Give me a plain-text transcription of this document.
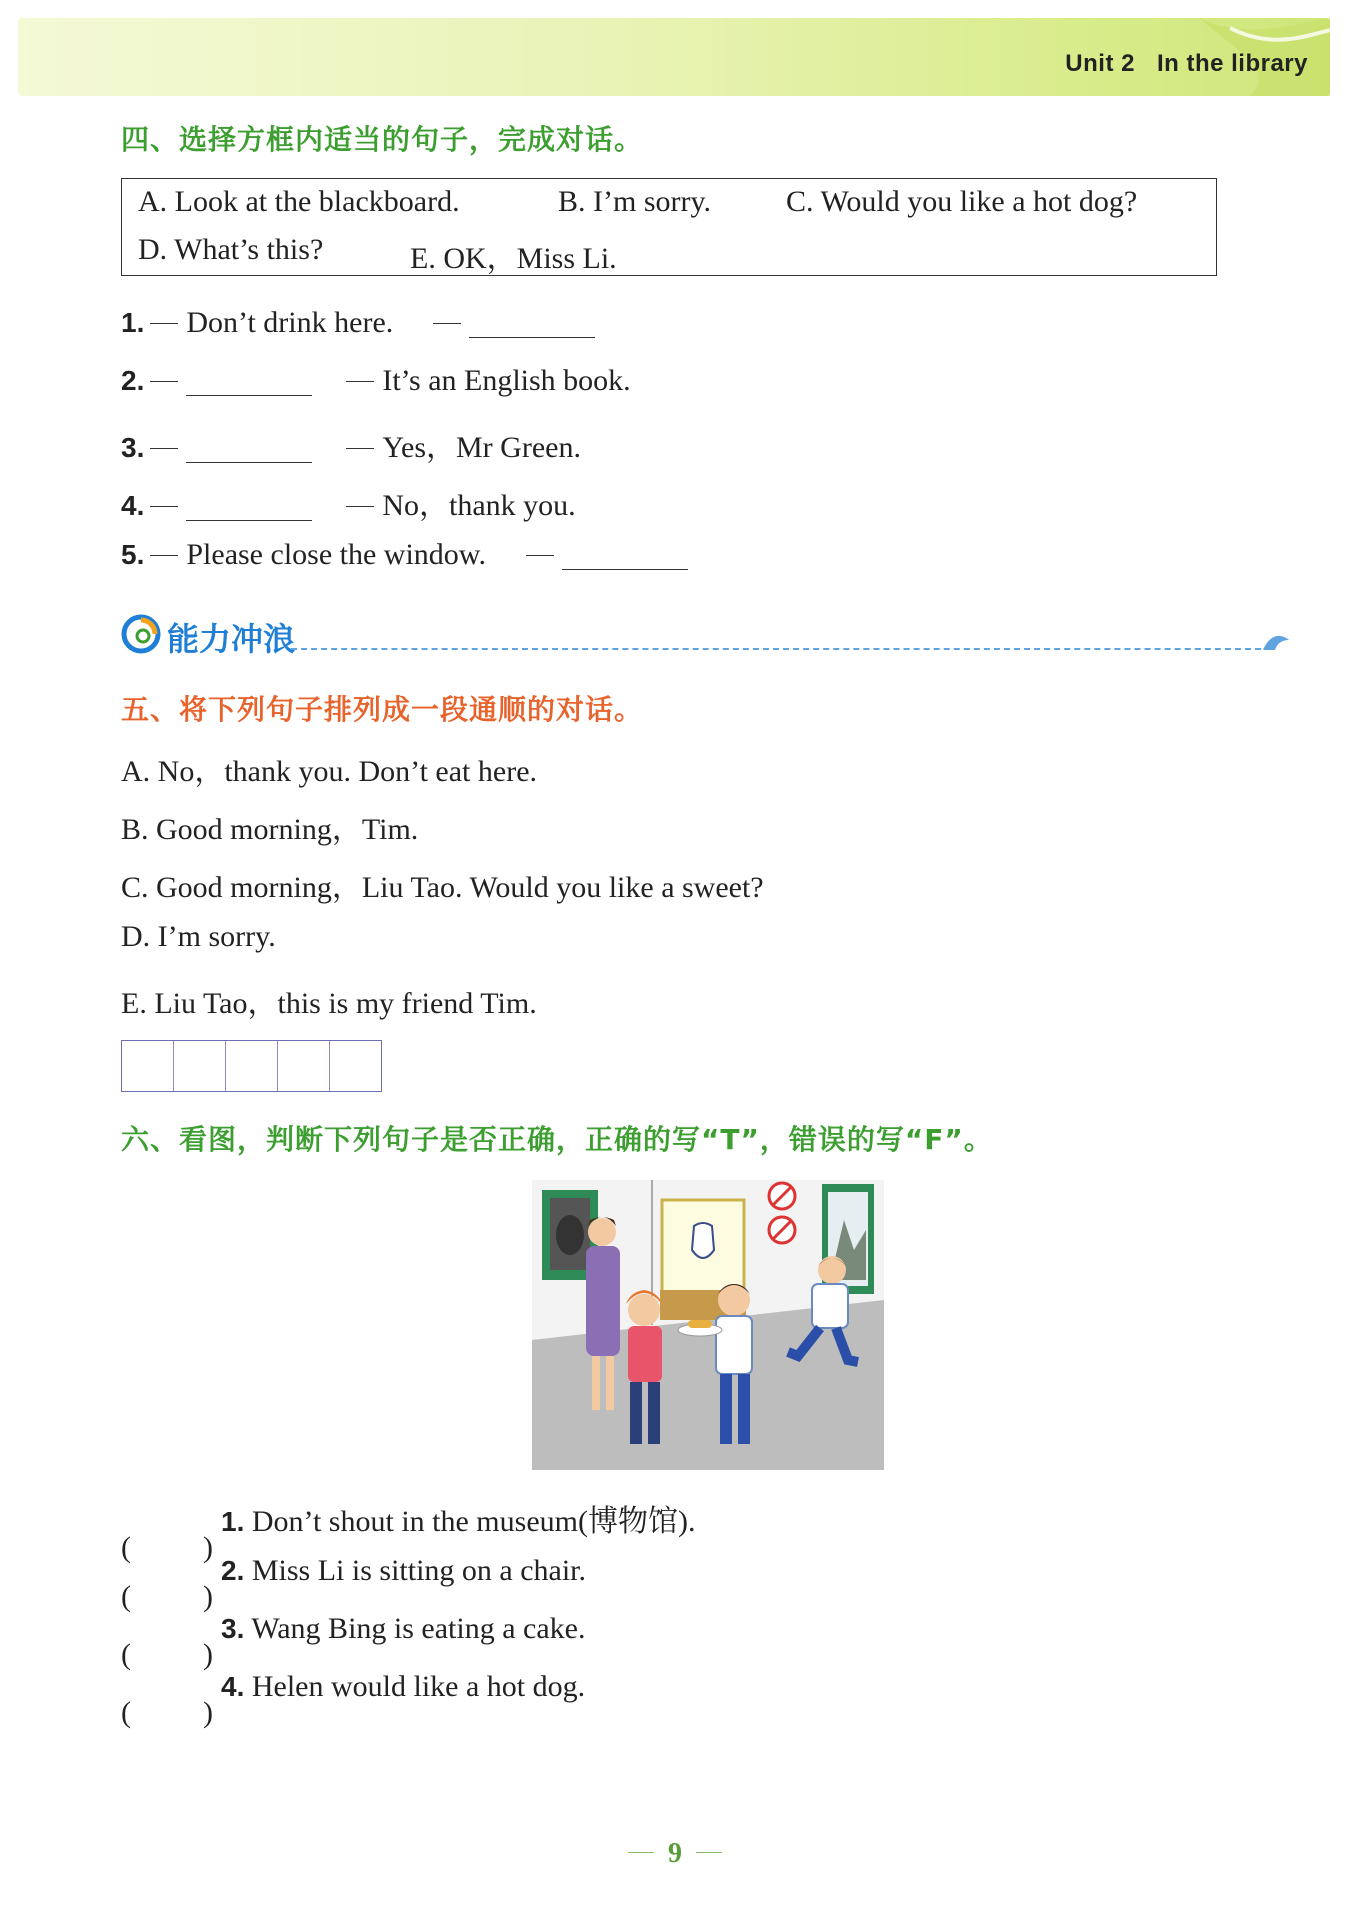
Unit 2 In the library
四、选择方框内适当的句子，完成对话。
A. Look at the blackboard.	B. I’m sorry. C. Would you like a hot dog?
D. What’s this?	E. OK，Miss Li.
1. Don’t drink here.
2.	It’s an English book.
3.	Yes，Mr Green.
4.	No，thank you.
5. Please close the window.
能力冲浪
五、将下列句子排列成一段通顺的对话。
A. No，thank you. Don’t eat here.
B. Good morning，Tim.
C. Good morning，Liu Tao. Would you like a sweet?
D. I’m sorry.
E. Liu Tao，this is my friend Tim.
六、看图，判断下列句子是否正确，正确的写“T”，错误的写“F”。
( )
1. Don’t shout in the museum(博物馆).
( )
2. Miss Li is sitting on a chair.
( )
3. Wang Bing is eating a cake.
( )
4. Helen would like a hot dog.
9
